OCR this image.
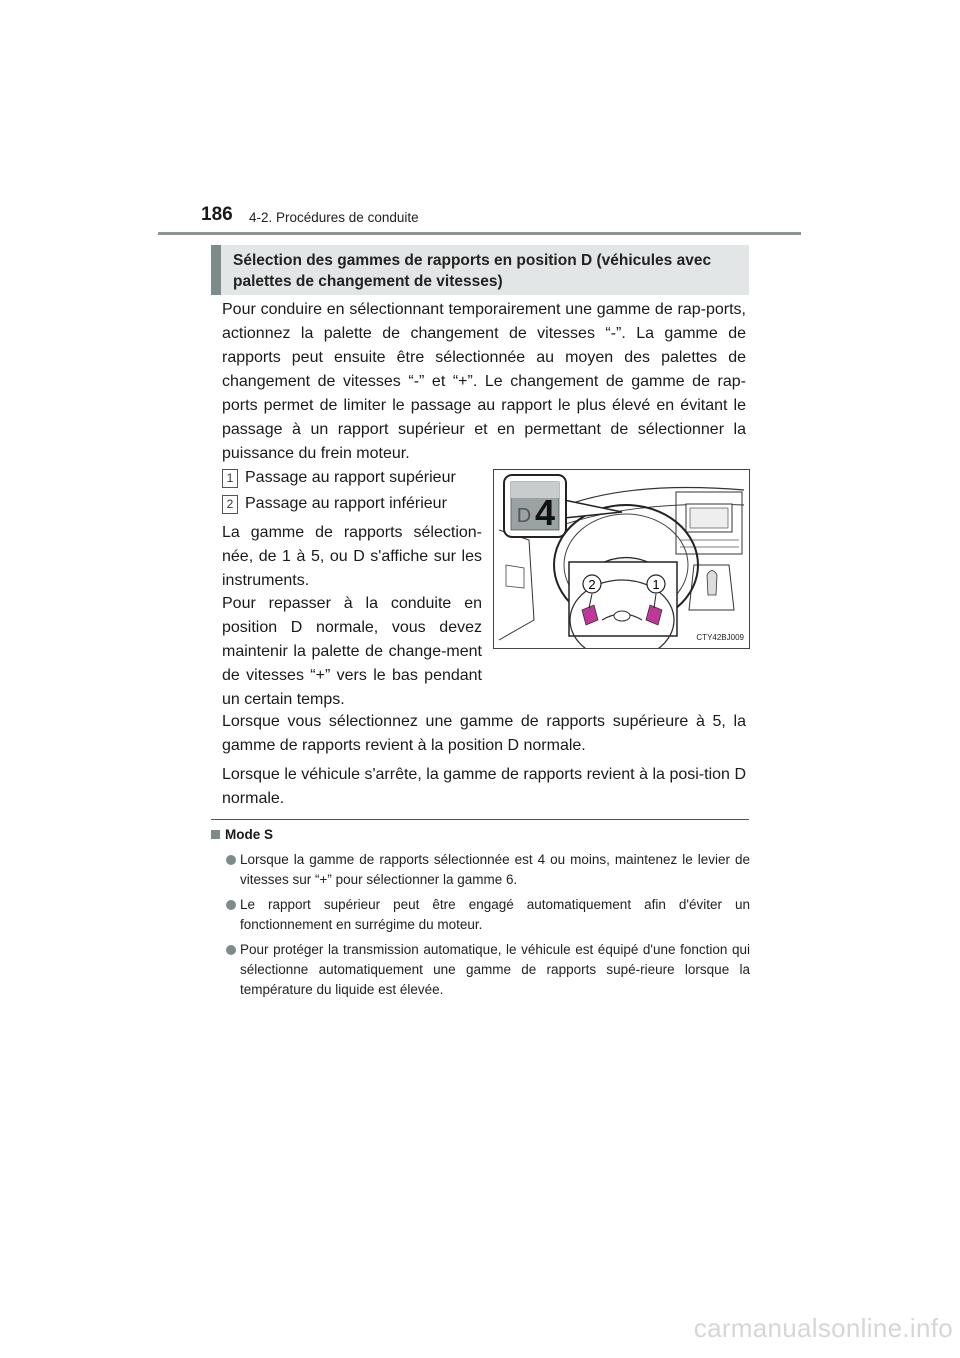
186 4-2. Procédures de conduite
Sélection des gammes de rapports en position D (véhicules avec palettes de changement de vitesses)
Pour conduire en sélectionnant temporairement une gamme de rap-ports, actionnez la palette de changement de vitesses “-”. La gamme de rapports peut ensuite être sélectionnée au moyen des palettes de changement de vitesses “-” et “+”. Le changement de gamme de rap-ports permet de limiter le passage au rapport le plus élevé en évitant le passage à un rapport supérieur et en permettant de sélectionner la puissance du frein moteur.
1 Passage au rapport supérieur
2 Passage au rapport inférieur
La gamme de rapports sélection-née, de 1 à 5, ou D s'affiche sur les instruments.
Pour repasser à la conduite en position D normale, vous devez maintenir la palette de change-ment de vitesses “+” vers le bas pendant un certain temps.
2	1
D 4
CTY42BJ009
Lorsque vous sélectionnez une gamme de rapports supérieure à 5, la gamme de rapports revient à la position D normale.
Lorsque le véhicule s'arrête, la gamme de rapports revient à la posi-tion D normale.
Mode S
Lorsque la gamme de rapports sélectionnée est 4 ou moins, maintenez le levier de vitesses sur “+” pour sélectionner la gamme 6.
Le rapport supérieur peut être engagé automatiquement afin d'éviter un fonctionnement en surrégime du moteur.
Pour protéger la transmission automatique, le véhicule est équipé d'une fonction qui sélectionne automatiquement une gamme de rapports supé-rieure lorsque la température du liquide est élevée.
carmanualsonline.info
